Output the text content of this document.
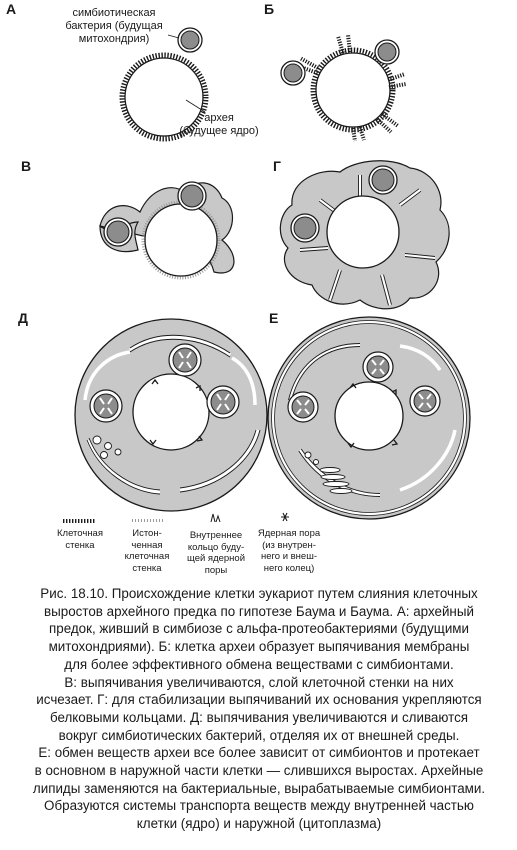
А	Б
В	Г
Д	Е
симбиотическая
бактерия (будущая
митохондрия)
архея
(будущее ядро)
Клеточная
стенка
Истон-
ченная
клеточная
стенка
Внутреннее
кольцо буду-
щей ядерной
поры
Ядерная пора
(из внутрен-
него и внеш-
него колец)
Рис. 18.10. Происхождение клетки эукариот путем слияния клеточных
выростов архейного предка по гипотезе Баума и Баума. А: архейный
предок, живший в симбиозе с альфа-протеобактериями (будущими
митохондриями). Б: клетка археи образует выпячивания мембраны
для более эффективного обмена веществами с симбионтами.
В: выпячивания увеличиваются, слой клеточной стенки на них
исчезает. Г: для стабилизации выпячиваний их основания укрепляются
белковыми кольцами. Д: выпячивания увеличиваются и сливаются
вокруг симбиотических бактерий, отделяя их от внешней среды.
Е: обмен веществ археи все более зависит от симбионтов и протекает
в основном в наружной части клетки — слившихся выростах. Архейные
липиды заменяются на бактериальные, вырабатываемые симбионтами.
Образуются системы транспорта веществ между внутренней частью
клетки (ядро) и наружной (цитоплазма)
